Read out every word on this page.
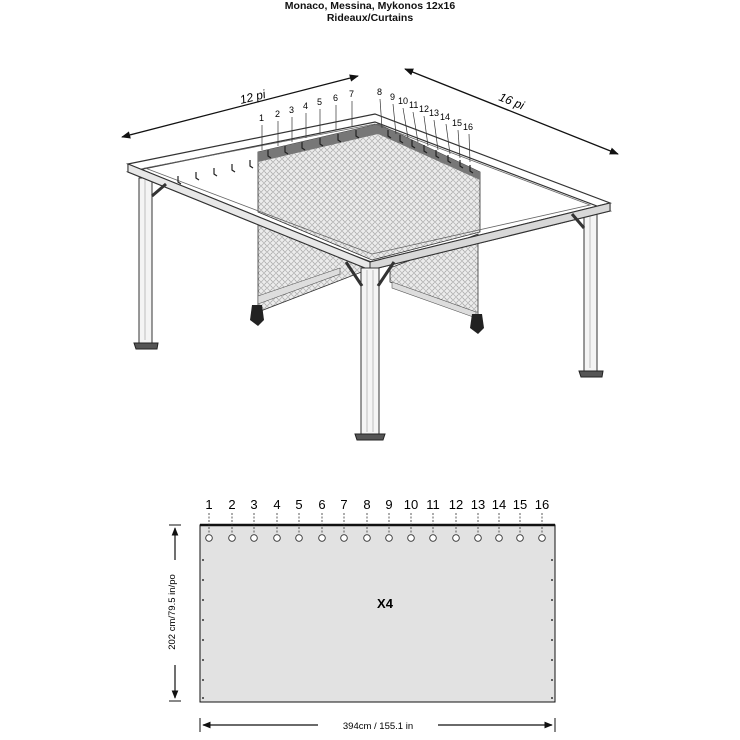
Monaco, Messina, Mykonos 12x16
Rideaux/Curtains
12 pi	16 pi
1 2 3 4 5 6 7	8 9 10 11 12 13 14
15 16
1 2 3 4 5 6 7 8 9 10 11 12 13 14 15 16
X4
202 cm/79.5 in/po
394cm / 155.1 in
